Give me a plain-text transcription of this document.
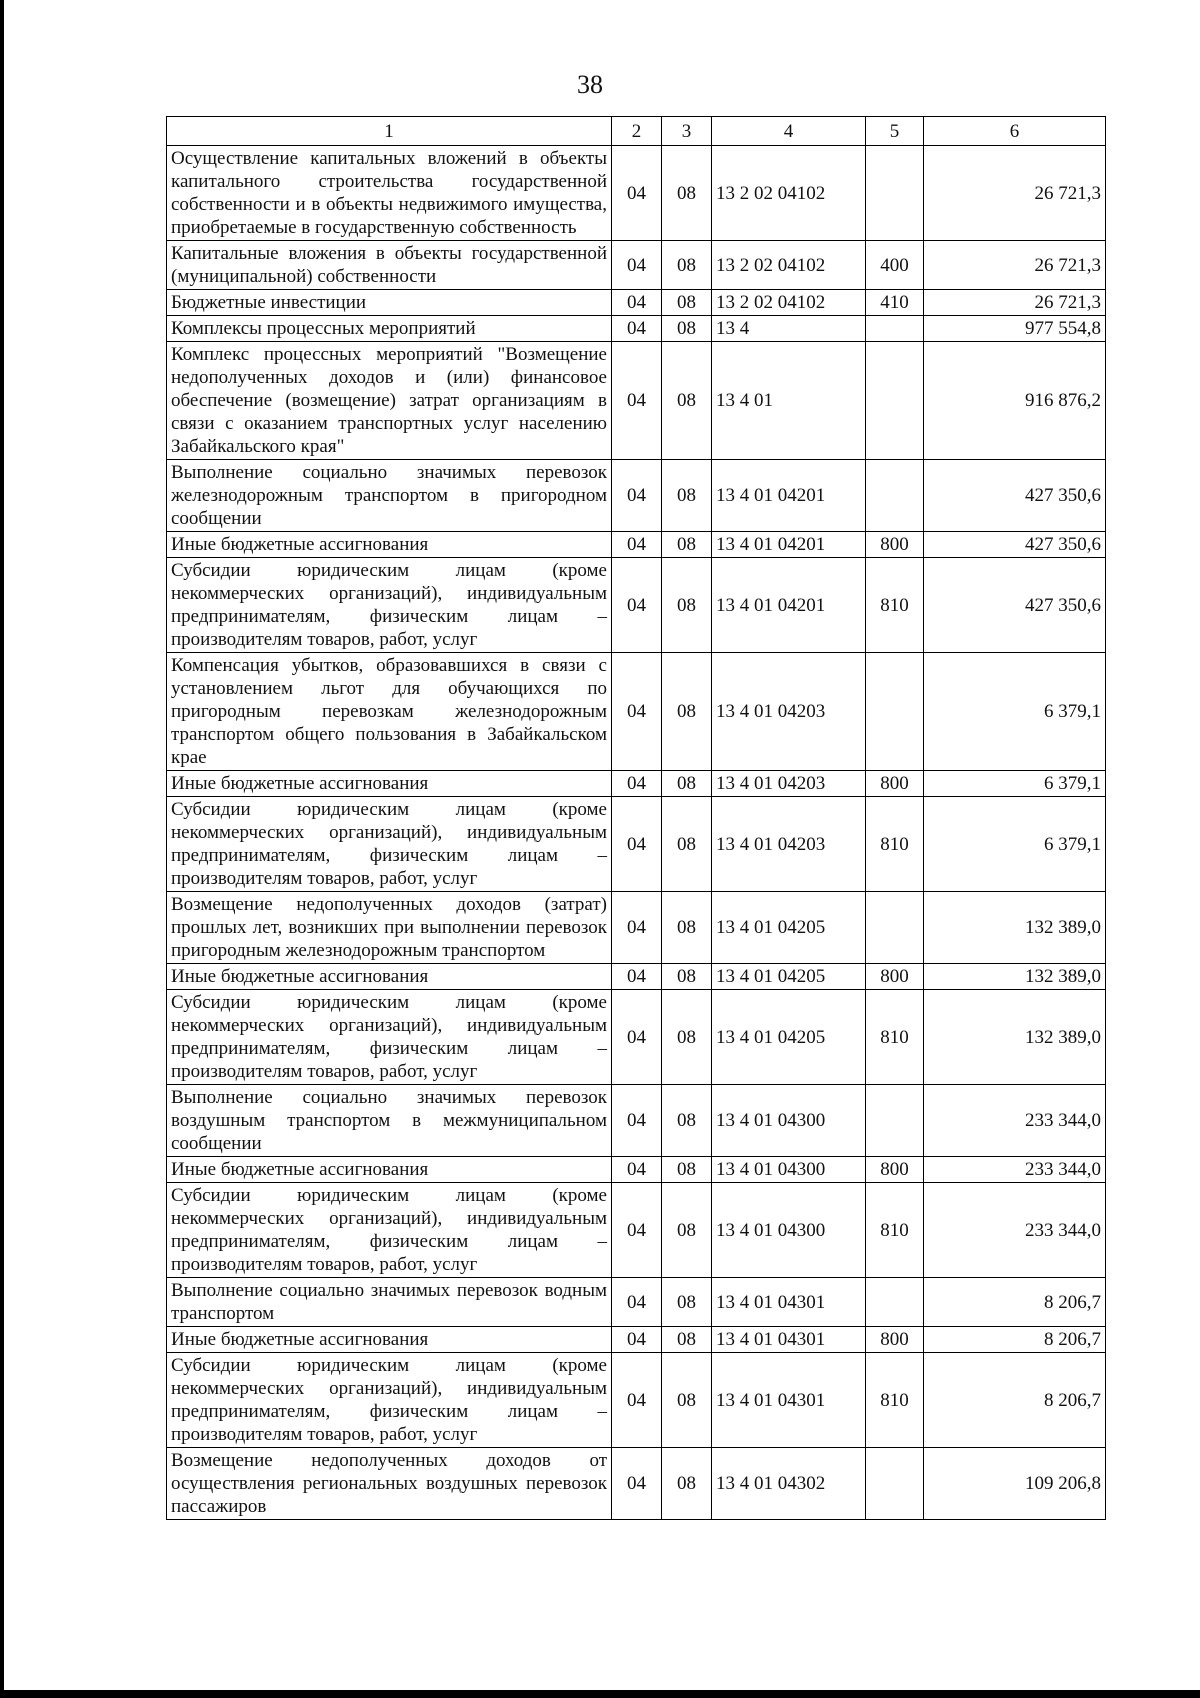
38
1	2	3	4	5	6
Осуществление капитальных вложений в объекты капитального строительства государственной собственности и в объекты недвижимого имущества, приобретаемые в государственную собственность	04	08	13 2 02 04102		26 721,3
Капитальные вложения в объекты государственной (муниципальной) собственности	04	08	13 2 02 04102	400	26 721,3
Бюджетные инвестиции	04	08	13 2 02 04102	410	26 721,3
Комплексы процессных мероприятий	04	08	13 4		977 554,8
Комплекс процессных мероприятий "Возмещение недополученных доходов и (или) финансовое обеспечение (возмещение) затрат организациям в связи с оказанием транспортных услуг населению Забайкальского края"	04	08	13 4 01		916 876,2
Выполнение социально значимых перевозок железнодорожным транспортом в пригородном сообщении	04	08	13 4 01 04201		427 350,6
Иные бюджетные ассигнования	04	08	13 4 01 04201	800	427 350,6
Субсидии юридическим лицам (кроме некоммерческих организаций), индивидуальным предпринимателям, физическим лицам – производителям товаров, работ, услуг	04	08	13 4 01 04201	810	427 350,6
Компенсация убытков, образовавшихся в связи с установлением льгот для обучающихся по пригородным перевозкам железнодорожным транспортом общего пользования в Забайкальском крае	04	08	13 4 01 04203		6 379,1
Иные бюджетные ассигнования	04	08	13 4 01 04203	800	6 379,1
Субсидии юридическим лицам (кроме некоммерческих организаций), индивидуальным предпринимателям, физическим лицам – производителям товаров, работ, услуг	04	08	13 4 01 04203	810	6 379,1
Возмещение недополученных доходов (затрат) прошлых лет, возникших при выполнении перевозок пригородным железнодорожным транспортом	04	08	13 4 01 04205		132 389,0
Иные бюджетные ассигнования	04	08	13 4 01 04205	800	132 389,0
Субсидии юридическим лицам (кроме некоммерческих организаций), индивидуальным предпринимателям, физическим лицам – производителям товаров, работ, услуг	04	08	13 4 01 04205	810	132 389,0
Выполнение социально значимых перевозок воздушным транспортом в межмуниципальном сообщении	04	08	13 4 01 04300		233 344,0
Иные бюджетные ассигнования	04	08	13 4 01 04300	800	233 344,0
Субсидии юридическим лицам (кроме некоммерческих организаций), индивидуальным предпринимателям, физическим лицам – производителям товаров, работ, услуг	04	08	13 4 01 04300	810	233 344,0
Выполнение социально значимых перевозок водным транспортом	04	08	13 4 01 04301		8 206,7
Иные бюджетные ассигнования	04	08	13 4 01 04301	800	8 206,7
Субсидии юридическим лицам (кроме некоммерческих организаций), индивидуальным предпринимателям, физическим лицам – производителям товаров, работ, услуг	04	08	13 4 01 04301	810	8 206,7
Возмещение недополученных доходов от осуществления региональных воздушных перевозок пассажиров	04	08	13 4 01 04302		109 206,8
